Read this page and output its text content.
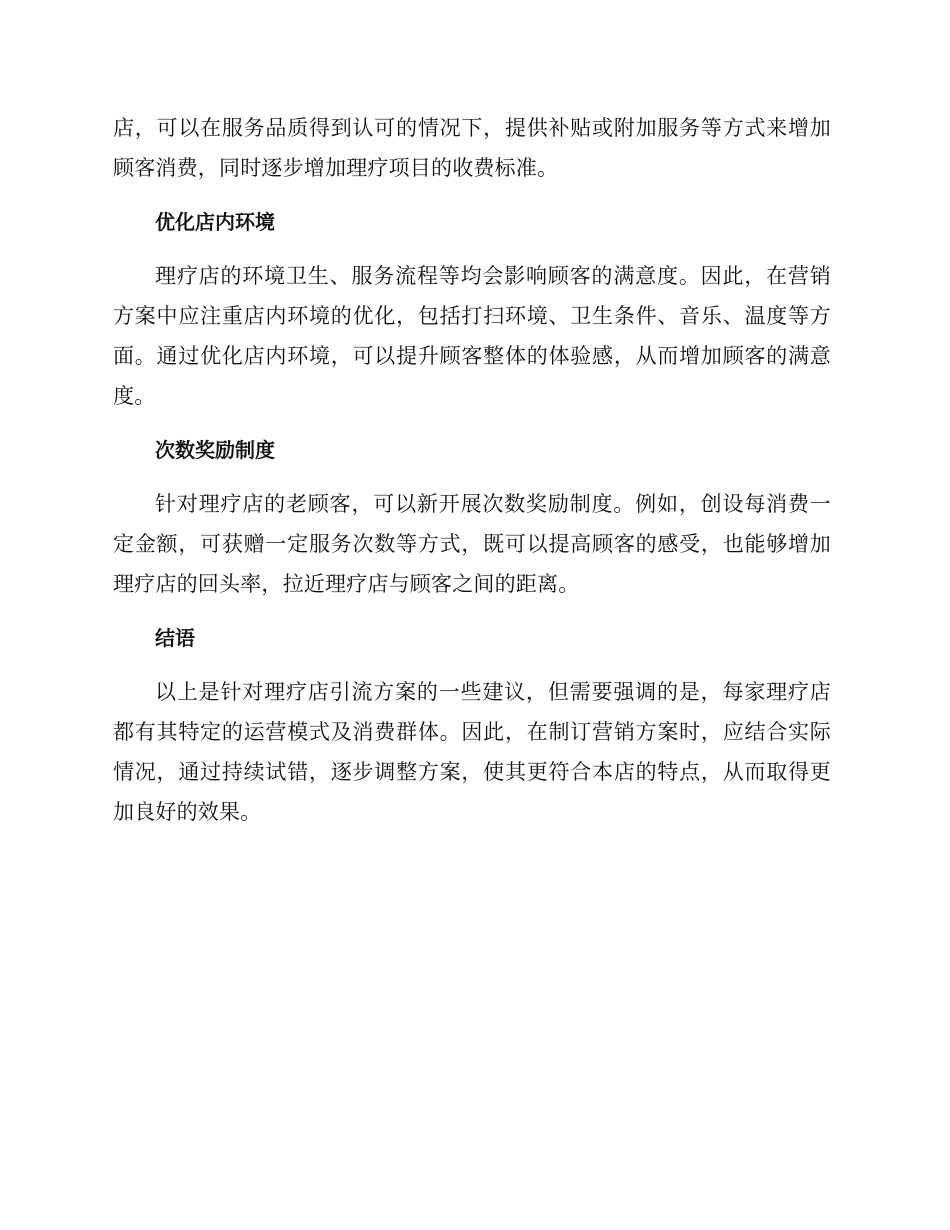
店，可以在服务品质得到认可的情况下，提供补贴或附加服务等方式来增加顾客消费，同时逐步增加理疗项目的收费标准。

优化店内环境

理疗店的环境卫生、服务流程等均会影响顾客的满意度。因此，在营销方案中应注重店内环境的优化，包括打扫环境、卫生条件、音乐、温度等方面。通过优化店内环境，可以提升顾客整体的体验感，从而增加顾客的满意度。

次数奖励制度

针对理疗店的老顾客，可以新开展次数奖励制度。例如，创设每消费一定金额，可获赠一定服务次数等方式，既可以提高顾客的感受，也能够增加理疗店的回头率，拉近理疗店与顾客之间的距离。

结语

以上是针对理疗店引流方案的一些建议，但需要强调的是，每家理疗店都有其特定的运营模式及消费群体。因此，在制订营销方案时，应结合实际情况，通过持续试错，逐步调整方案，使其更符合本店的特点，从而取得更加良好的效果。
